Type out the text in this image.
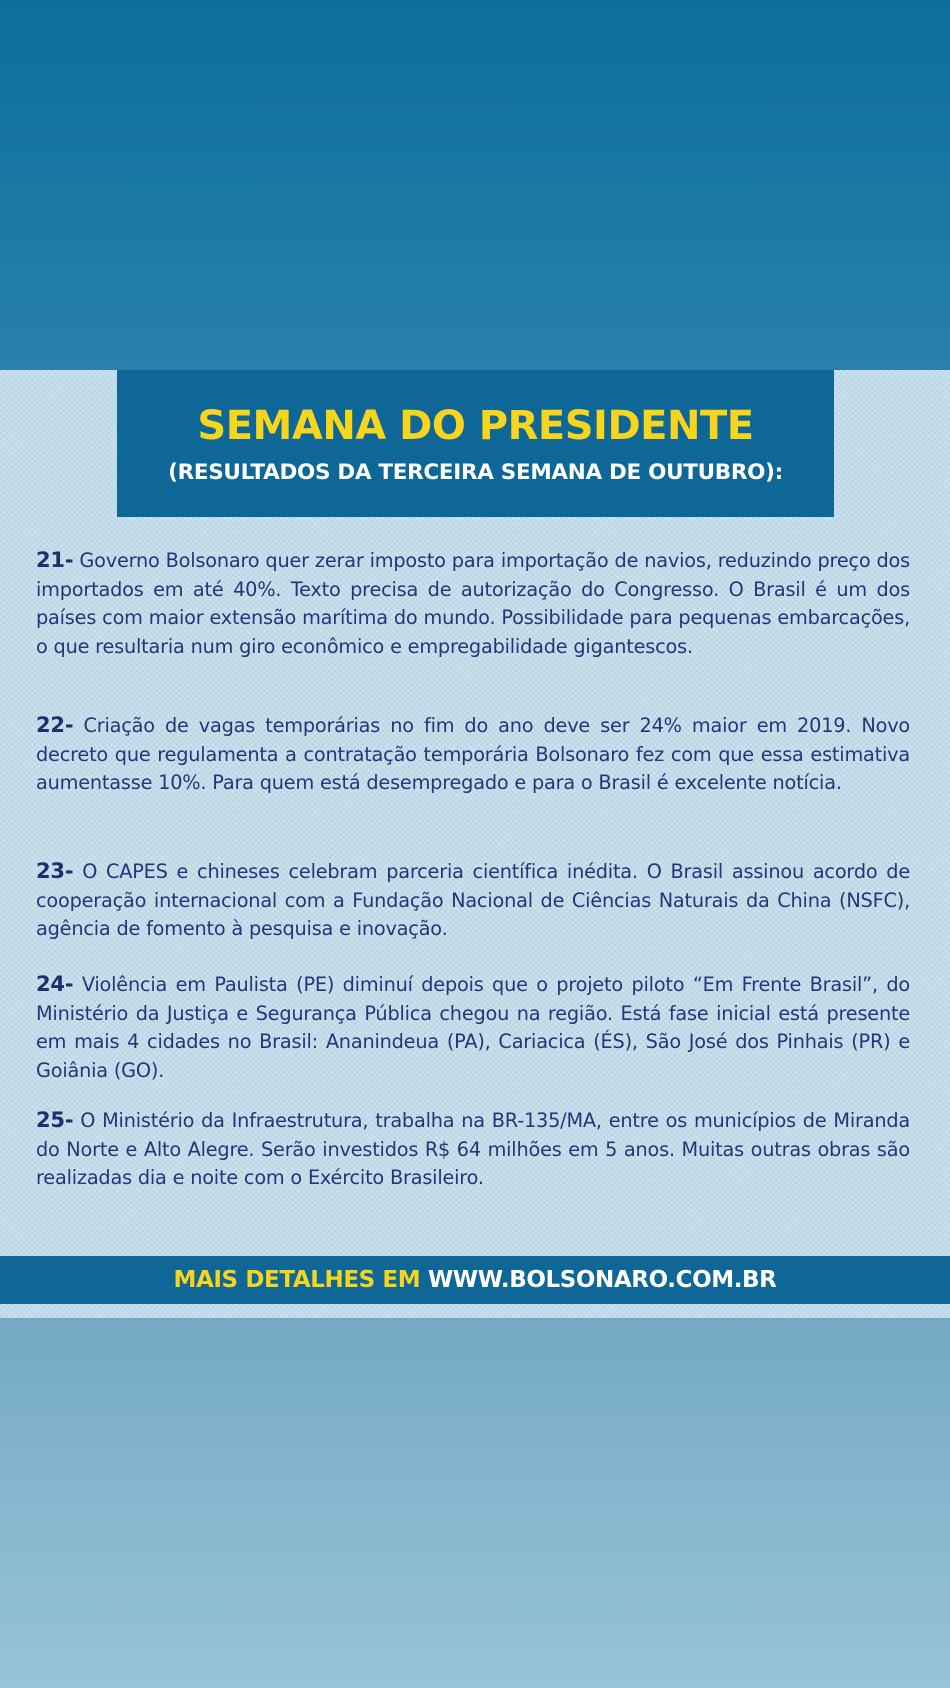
SEMANA DO PRESIDENTE
(RESULTADOS DA TERCEIRA SEMANA DE OUTUBRO):

21- Governo Bolsonaro quer zerar imposto para importação de navios, reduzindo preço dos importados em até 40%. Texto precisa de autorização do Congresso. O Brasil é um dos países com maior extensão marítima do mundo. Possibilidade para pequenas embarcações, o que resultaria num giro econômico e empregabilidade gigantescos.

22- Criação de vagas temporárias no fim do ano deve ser 24% maior em 2019. Novo decreto que regulamenta a contratação temporária Bolsonaro fez com que essa estimativa aumentasse 10%. Para quem está desempregado e para o Brasil é excelente notícia.

23- O CAPES e chineses celebram parceria científica inédita. O Brasil assinou acordo de cooperação internacional com a Fundação Nacional de Ciências Naturais da China (NSFC), agência de fomento à pesquisa e inovação.

24- Violência em Paulista (PE) diminuí depois que o projeto piloto “Em Frente Brasil”, do Ministério da Justiça e Segurança Pública chegou na região. Está fase inicial está presente em mais 4 cidades no Brasil: Ananindeua (PA), Cariacica (ÉS), São José dos Pinhais (PR) e Goiânia (GO).

25- O Ministério da Infraestrutura, trabalha na BR-135/MA, entre os municípios de Miranda do Norte e Alto Alegre. Serão investidos R$ 64 milhões em 5 anos. Muitas outras obras são realizadas dia e noite com o Exército Brasileiro.

MAIS DETALHES EM WWW.BOLSONARO.COM.BR
